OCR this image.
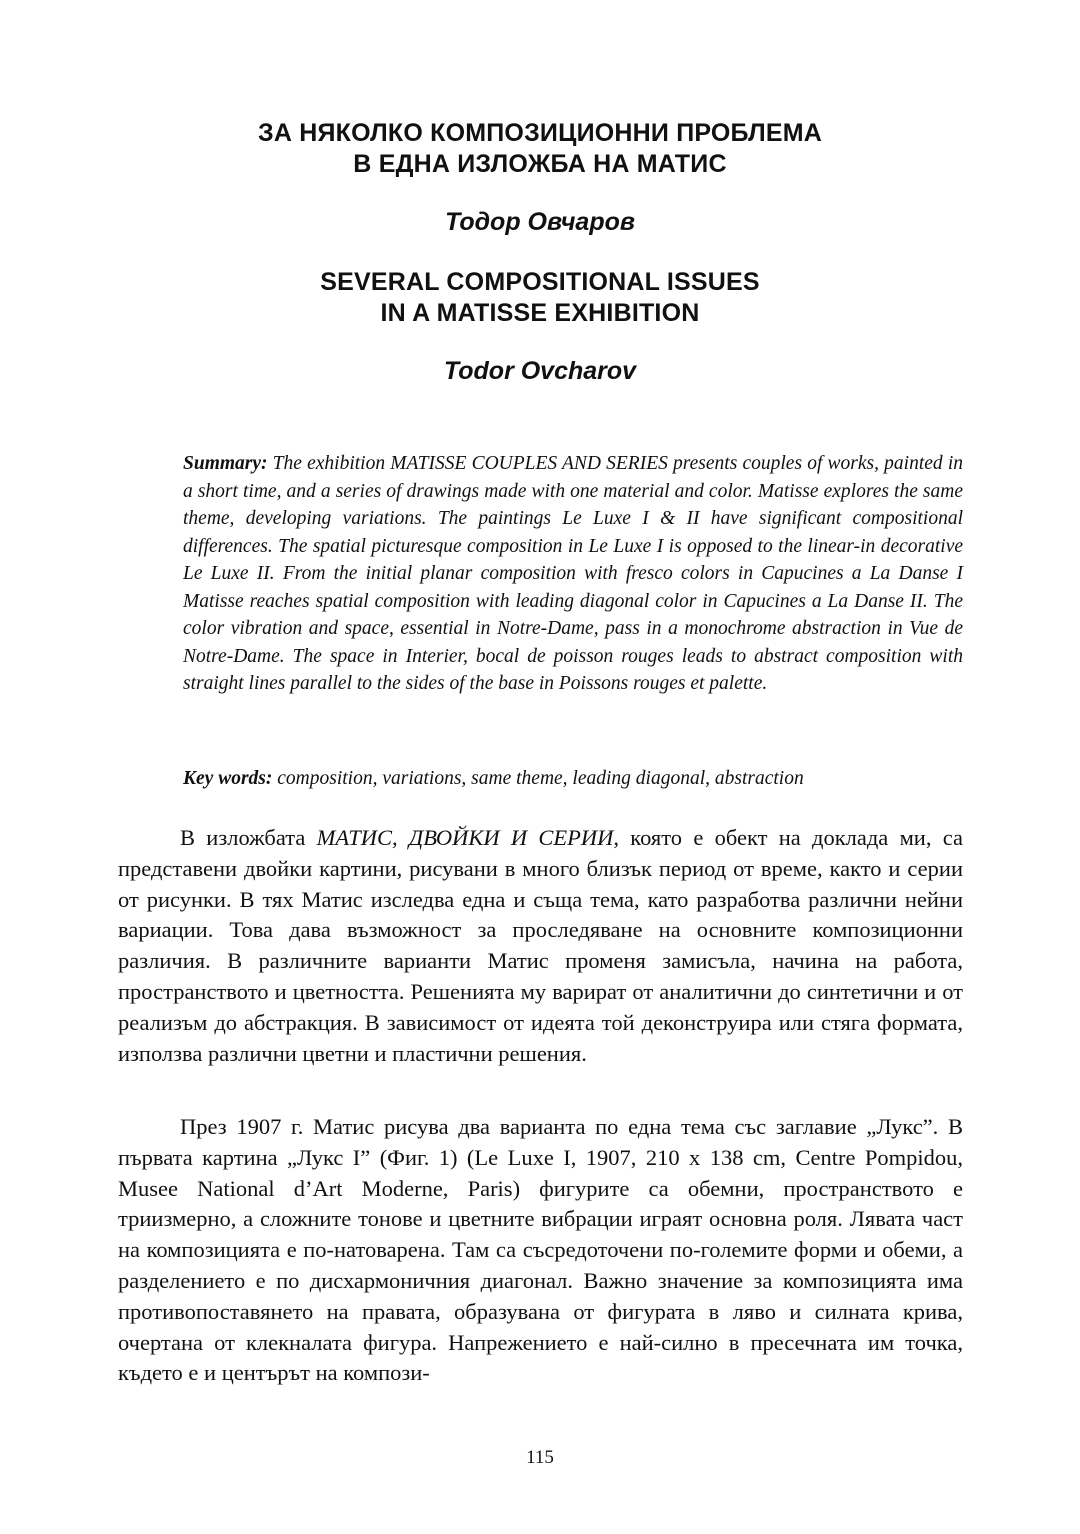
ЗА НЯКОЛКО КОМПОЗИЦИОННИ ПРОБЛЕМА
В ЕДНА ИЗЛОЖБА НА МАТИС
Тодор Овчаров
SEVERAL COMPOSITIONAL ISSUES
IN A MATISSE EXHIBITION
Todor Ovcharov

Summary: The exhibition MATISSE COUPLES AND SERIES presents couples of works, painted in a short time, and a series of drawings made with one material and color. Matisse explores the same theme, developing variations. The paintings Le Luxe I & II have significant compositional differences. The spatial picturesque composition in Le Luxe I is opposed to the linear-in decorative Le Luxe II. From the initial planar composition with fresco colors in Capucines a La Danse I Matisse reaches spatial composition with leading diagonal color in Capucines a La Danse II. The color vibration and space, essential in Notre-Dame, pass in a monochrome abstraction in Vue de Notre-Dame. The space in Interier, bocal de poisson rouges leads to abstract composition with straight lines parallel to the sides of the base in Poissons rouges et palette.

Key words: composition, variations, same theme, leading diagonal, abstraction

В изложбата МАТИС, ДВОЙКИ И СЕРИИ, която е обект на доклада ми, са представени двойки картини, рисувани в много близък период от време, както и серии от рисунки. В тях Матис изследва една и съща тема, като разработва различни нейни вариации. Това дава възможност за проследяване на основните композиционни различия. В различните варианти Матис променя замисъла, начина на работа, пространството и цветността. Решенията му варират от аналитични до синтетични и от реализъм до абстракция. В зависимост от идеята той деконструира или стяга формата, използва различни цветни и пластични решения.

През 1907 г. Матис рисува два варианта по една тема със заглавие „Лукс”. В първата картина „Лукс I” (Фиг. 1) (Le Luxe I, 1907, 210 x 138 cm, Centre Pompidou, Musee National d’Art Moderne, Paris) фигурите са обемни, пространството е триизмерно, а сложните тонове и цветните вибрации играят основна роля. Лявата част на композицията е по-натоварена. Там са съсредоточени по-големите форми и обеми, а разделението е по дисхармоничния диагонал. Важно значение за композицията има противопоставянето на правата, образувана от фигурата в ляво и силната крива, очертана от клекналата фигура. Напрежението е най-силно в пресечната им точка, където е и центърът на компози-

115
